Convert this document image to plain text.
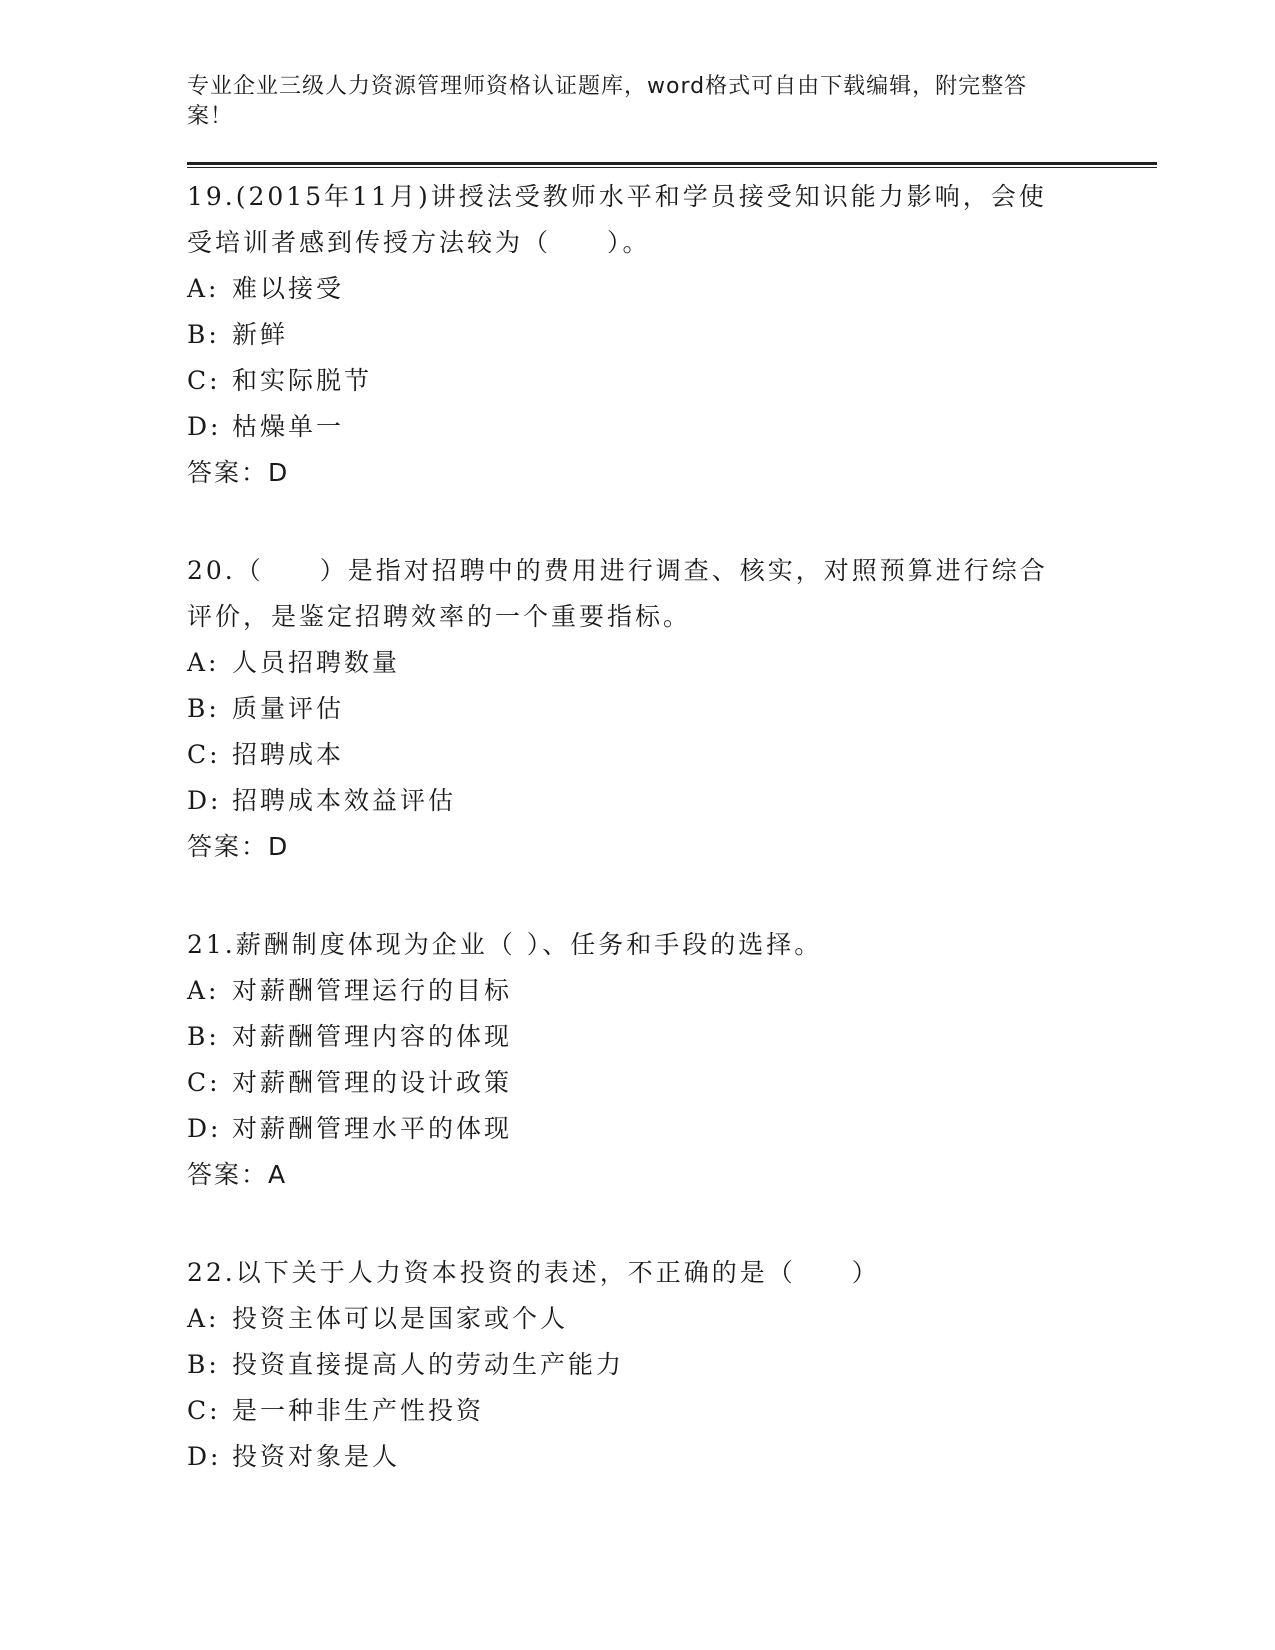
专业企业三级人力资源管理师资格认证题库，word格式可自由下载编辑，附完整答案！

19.(2015年11月)讲授法受教师水平和学员接受知识能力影响，会使受培训者感到传授方法较为（　　）。
A: 难以接受
B: 新鲜
C: 和实际脱节
D: 枯燥单一
答案：D
20.（　　）是指对招聘中的费用进行调查、核实，对照预算进行综合评价，是鉴定招聘效率的一个重要指标。
A: 人员招聘数量
B: 质量评估
C: 招聘成本
D: 招聘成本效益评估
答案：D
21.薪酬制度体现为企业（ ）、任务和手段的选择。
A: 对薪酬管理运行的目标
B: 对薪酬管理内容的体现
C: 对薪酬管理的设计政策
D: 对薪酬管理水平的体现
答案：A
22.以下关于人力资本投资的表述，不正确的是（　　）
A: 投资主体可以是国家或个人
B: 投资直接提高人的劳动生产能力
C: 是一种非生产性投资
D: 投资对象是人
